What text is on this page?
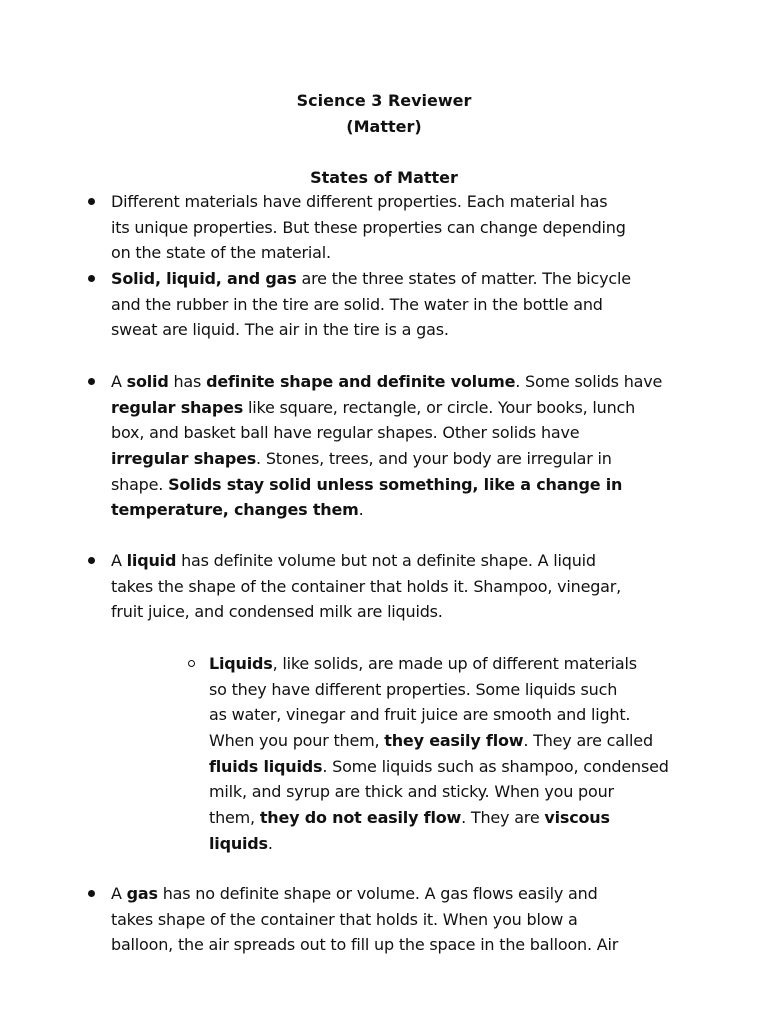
Science 3 Reviewer
(Matter)
States of Matter
Different materials have different properties. Each material has
its unique properties. But these properties can change depending
on the state of the material.
Solid, liquid, and gas are the three states of matter. The bicycle
and the rubber in the tire are solid. The water in the bottle and
sweat are liquid. The air in the tire is a gas.
A solid has definite shape and definite volume. Some solids have
regular shapes like square, rectangle, or circle. Your books, lunch
box, and basket ball have regular shapes. Other solids have
irregular shapes. Stones, trees, and your body are irregular in
shape. Solids stay solid unless something, like a change in
temperature, changes them.
A liquid has definite volume but not a definite shape. A liquid
takes the shape of the container that holds it. Shampoo, vinegar,
fruit juice, and condensed milk are liquids.
Liquids, like solids, are made up of different materials
so they have different properties. Some liquids such
as water, vinegar and fruit juice are smooth and light.
When you pour them, they easily flow. They are called
fluids liquids. Some liquids such as shampoo, condensed
milk, and syrup are thick and sticky. When you pour
them, they do not easily flow. They are viscous
liquids.
A gas has no definite shape or volume. A gas flows easily and
takes shape of the container that holds it. When you blow a
balloon, the air spreads out to fill up the space in the balloon. Air
